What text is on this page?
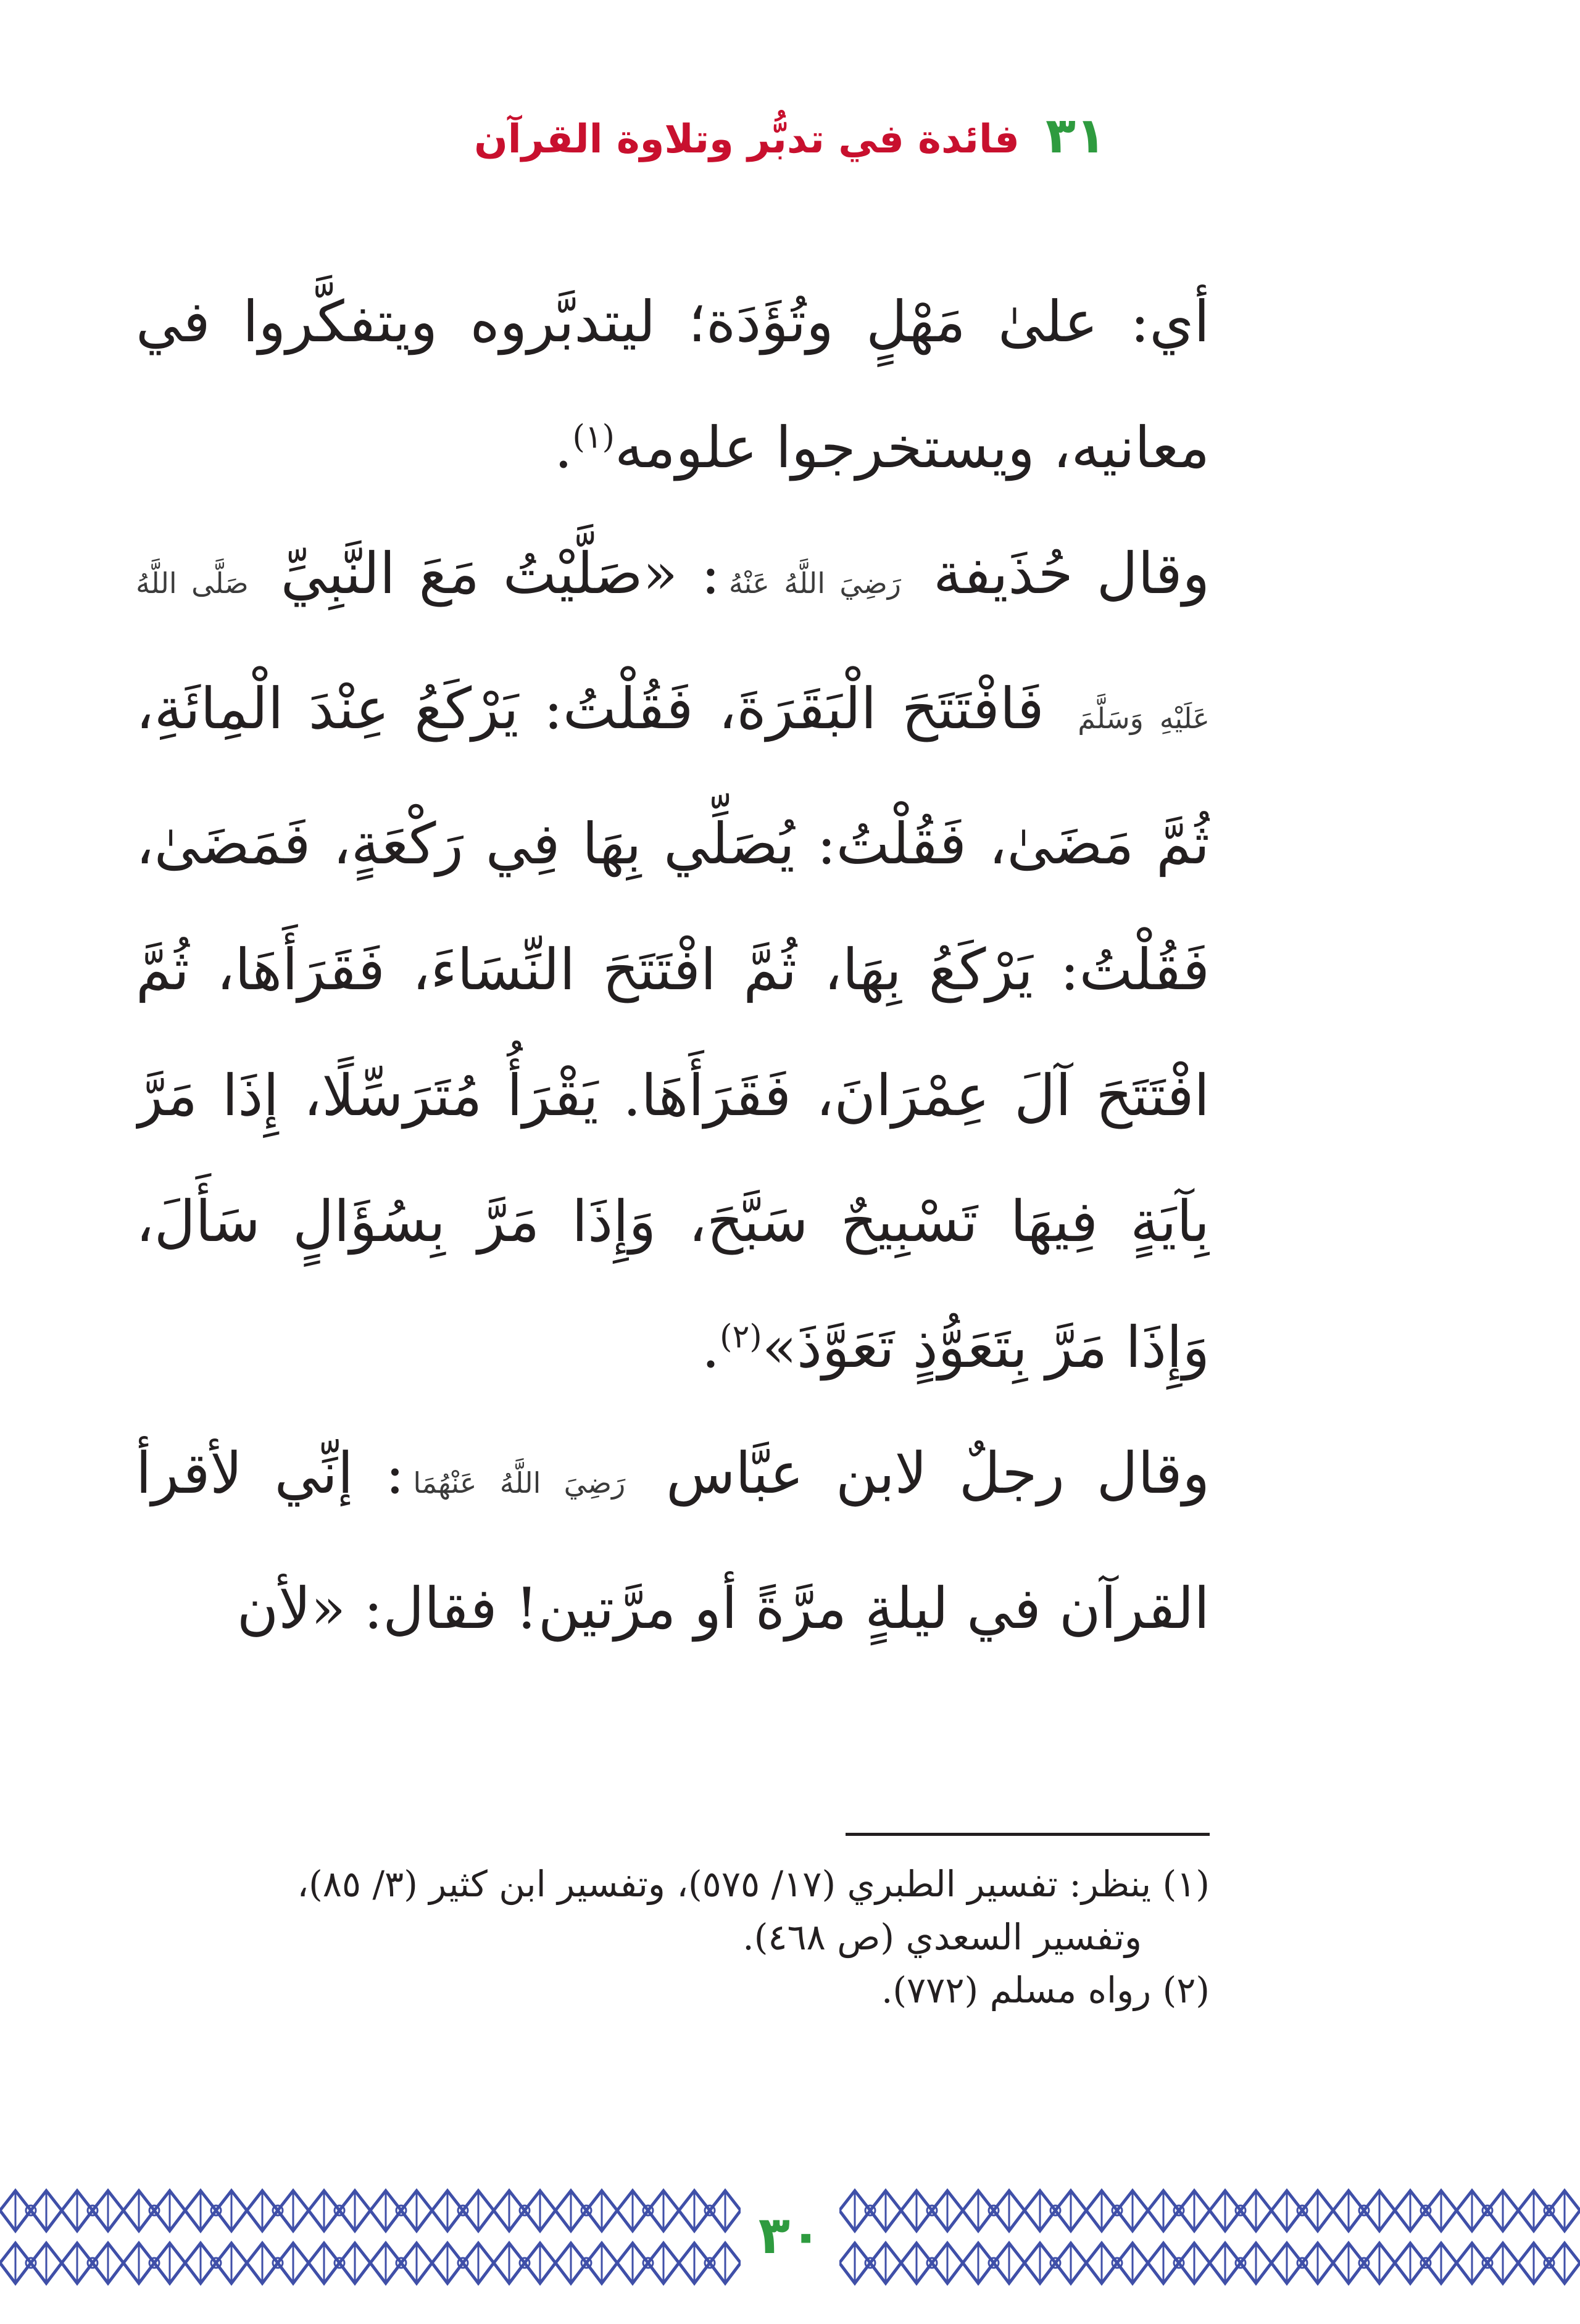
٣١ فائدة في تدبُّر وتلاوة القرآن

أي: علىٰ مَهْلٍ وتُؤَدَة؛ ليتدبَّروه ويتفكَّروا في معانيه، ويستخرجوا علومه$^{(١)}$.

وقال حُذَيفة رَضِيَ اللَّهُ عَنْهُ: «صَلَّيْتُ مَعَ النَّبِيِّ صَلَّى اللَّهُ عَلَيْهِ وَسَلَّمَ فَافْتَتَحَ الْبَقَرَةَ، فَقُلْتُ: يَرْكَعُ عِنْدَ الْمِائَةِ، ثُمَّ مَضَىٰ، فَقُلْتُ: يُصَلِّي بِهَا فِي رَكْعَةٍ، فَمَضَىٰ، فَقُلْتُ: يَرْكَعُ بِهَا، ثُمَّ افْتَتَحَ النِّسَاءَ، فَقَرَأَهَا، ثُمَّ افْتَتَحَ آلَ عِمْرَانَ، فَقَرَأَهَا. يَقْرَأُ مُتَرَسِّلًا، إِذَا مَرَّ بِآيَةٍ فِيهَا تَسْبِيحٌ سَبَّحَ، وَإِذَا مَرَّ بِسُؤَالٍ سَأَلَ، وَإِذَا مَرَّ بِتَعَوُّذٍ تَعَوَّذَ»$^{(٢)}$.

وقال رجلٌ لابن عبَّاس رَضِيَ اللَّهُ عَنْهُمَا: إنِّي لأقرأ القرآن في ليلةٍ مرَّةً أو مرَّتين! فقال: «لأن

(١) ينظر: تفسير الطبري (١٧/ ٥٧٥)، وتفسير ابن كثير (٣/ ٨٥)،

وتفسير السعدي (ص ٤٦٨).

(٢) رواه مسلم (٧٧٢).

٣٠
